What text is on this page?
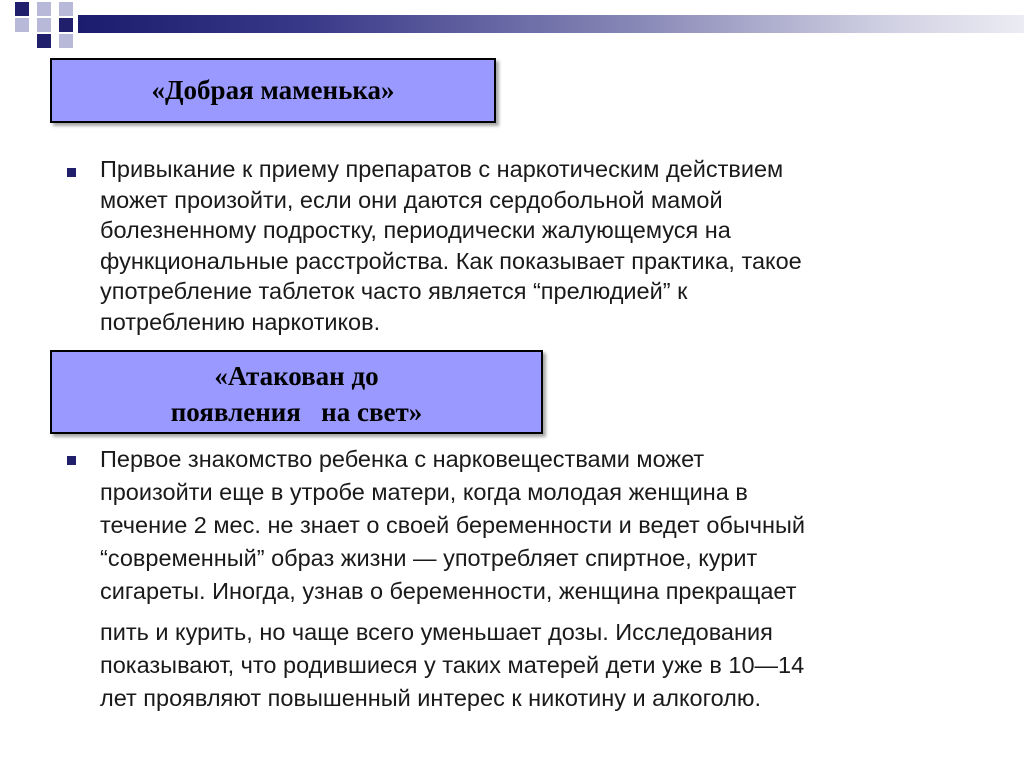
«Добрая маменька»
Привыкание к приему препаратов с наркотическим действием
может произойти, если они даются сердобольной мамой
болезненному подростку, периодически жалующемуся на
функциональные расстройства. Как показывает практика, такое
употребление таблеток часто является “прелюдией” к
потреблению наркотиков.
«Атакован до
появления   на свет»
Первое знакомство ребенка с нарковеществами может
произойти еще в утробе матери, когда молодая женщина в
течение 2 мес. не знает о своей беременности и ведет обычный
“современный” образ жизни — употребляет спиртное, курит
сигареты. Иногда, узнав о беременности, женщина прекращает
пить и курить, но чаще всего уменьшает дозы. Исследования
показывают, что родившиеся у таких матерей дети уже в 10—14
лет проявляют повышенный интерес к никотину и алкоголю.
